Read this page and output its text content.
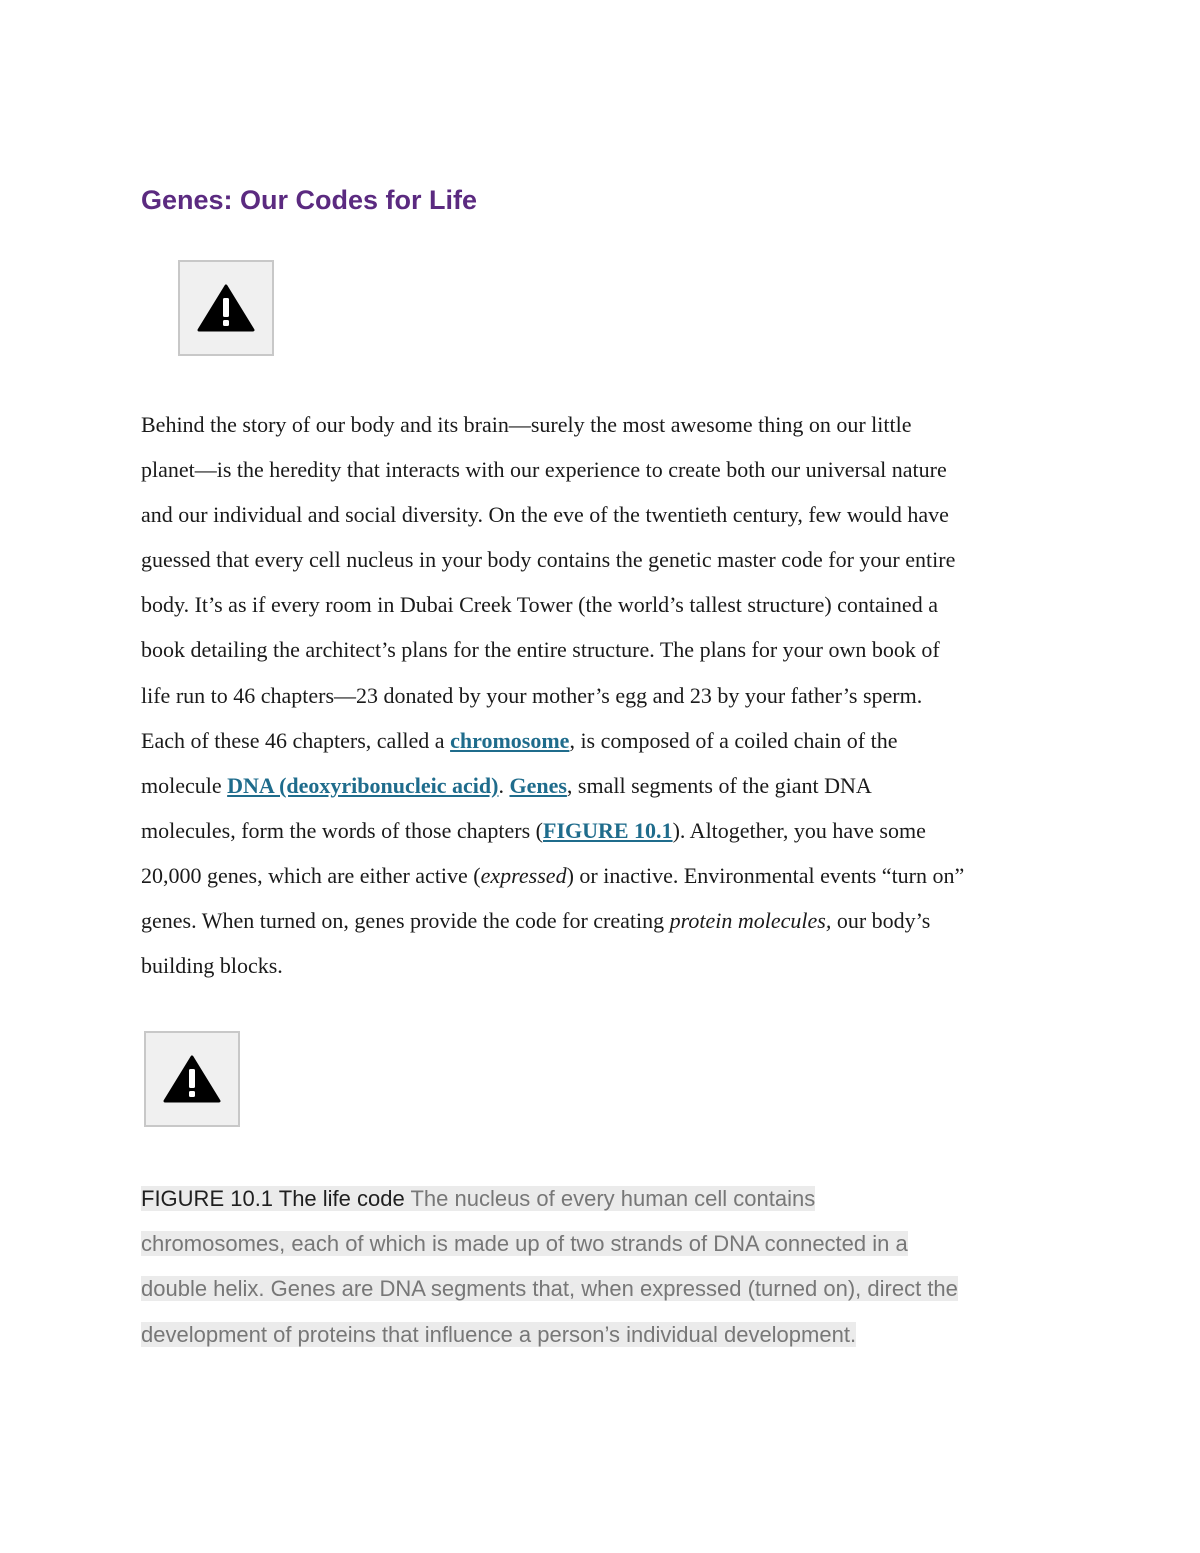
Genes: Our Codes for Life
Behind the story of our body and its brain—surely the most awesome thing on our little
planet—is the heredity that interacts with our experience to create both our universal nature
and our individual and social diversity. On the eve of the twentieth century, few would have
guessed that every cell nucleus in your body contains the genetic master code for your entire
body. It’s as if every room in Dubai Creek Tower (the world’s tallest structure) contained a
book detailing the architect’s plans for the entire structure. The plans for your own book of
life run to 46 chapters—23 donated by your mother’s egg and 23 by your father’s sperm.
Each of these 46 chapters, called a chromosome, is composed of a coiled chain of the
molecule DNA (deoxyribonucleic acid). Genes, small segments of the giant DNA
molecules, form the words of those chapters (FIGURE 10.1). Altogether, you have some
20,000 genes, which are either active (expressed) or inactive. Environmental events “turn on”
genes. When turned on, genes provide the code for creating protein molecules, our body’s
building blocks.
FIGURE 10.1 The life code The nucleus of every human cell contains
chromosomes, each of which is made up of two strands of DNA connected in a
double helix. Genes are DNA segments that, when expressed (turned on), direct the
development of proteins that influence a person’s individual development.
